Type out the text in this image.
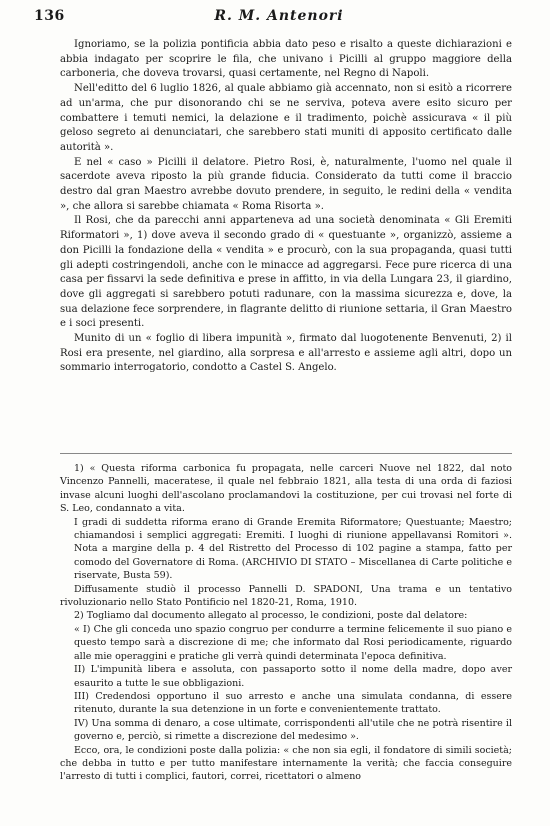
136	R. M. Antenori

Ignoriamo, se la polizia pontificia abbia dato peso e risalto a queste dichiarazioni e abbia indagato per scoprire le fila, che univano i Picilli al gruppo maggiore della carboneria, che doveva trovarsi, quasi certamente, nel Regno di Napoli.

Nell'editto del 6 luglio 1826, al quale abbiamo già accennato, non si esitò a ricorrere ad un'arma, che pur disonorando chi se ne serviva, poteva avere esito sicuro per combattere i temuti nemici, la delazione e il tradimento, poichè assicurava « il più geloso segreto ai denunciatari, che sarebbero stati muniti di apposito certificato dalle autorità ».

E nel « caso » Picilli il delatore. Pietro Rosi, è, naturalmente, l'uomo nel quale il sacerdote aveva riposto la più grande fiducia. Considerato da tutti come il braccio destro dal gran Maestro avrebbe dovuto prendere, in seguito, le redini della « vendita », che allora si sarebbe chiamata « Roma Risorta ».

Il Rosi, che da parecchi anni apparteneva ad una società denominata « Gli Eremiti Riformatori », 1) dove aveva il secondo grado di « questuante », organizzò, assieme a don Picilli la fondazione della « vendita » e procurò, con la sua propaganda, quasi tutti gli adepti costringendoli, anche con le minacce ad aggregarsi. Fece pure ricerca di una casa per fissarvi la sede definitiva e prese in affitto, in via della Lungara 23, il giardino, dove gli aggregati si sarebbero potuti radunare, con la massima sicurezza e, dove, la sua delazione fece sorprendere, in flagrante delitto di riunione settaria, il Gran Maestro e i soci presenti.

Munito di un « foglio di libera impunità », firmato dal luogotenente Benvenuti, 2) il Rosi era presente, nel giardino, alla sorpresa e all'arresto e assieme agli altri, dopo un sommario interrogatorio, condotto a Castel S. Angelo.

1) « Questa riforma carbonica fu propagata, nelle carceri Nuove nel 1822, dal noto Vincenzo Pannelli, maceratese, il quale nel febbraio 1821, alla testa di una orda di faziosi invase alcuni luoghi dell'ascolano proclamandovi la costituzione, per cui trovasi nel forte di S. Leo, condannato a vita.

I gradi di suddetta riforma erano di Grande Eremita Riformatore; Questuante; Maestro; chiamandosi i semplici aggregati: Eremiti. I luoghi di riunione appellavansi Romitori ». Nota a margine della p. 4 del Ristretto del Processo di 102 pagine a stampa, fatto per comodo del Governatore di Roma. (ARCHIVIO DI STATO – Miscellanea di Carte politiche e riservate, Busta 59).

Diffusamente studiò il processo Pannelli D. SPADONI, Una trama e un tentativo rivoluzionario nello Stato Pontificio nel 1820-21, Roma, 1910.

2) Togliamo dal documento allegato al processo, le condizioni, poste dal delatore:

« I) Che gli conceda uno spazio congruo per condurre a termine felicemente il suo piano e questo tempo sarà a discrezione di me; che informato dal Rosi periodicamente, riguardo alle mie operaggini e pratiche gli verrà quindi determinata l'epoca definitiva.

II) L'impunità libera e assoluta, con passaporto sotto il nome della madre, dopo aver esaurito a tutte le sue obbligazioni.

III) Credendosi opportuno il suo arresto e anche una simulata condanna, di essere ritenuto, durante la sua detenzione in un forte e convenientemente trattato.

IV) Una somma di denaro, a cose ultimate, corrispondenti all'utile che ne potrà risentire il governo e, perciò, si rimette a discrezione del medesimo ».

Ecco, ora, le condizioni poste dalla polizia: « che non sia egli, il fondatore di simili società; che debba in tutto e per tutto manifestare internamente la verità; che faccia conseguire l'arresto di tutti i complici, fautori, correi, ricettatori o almeno
